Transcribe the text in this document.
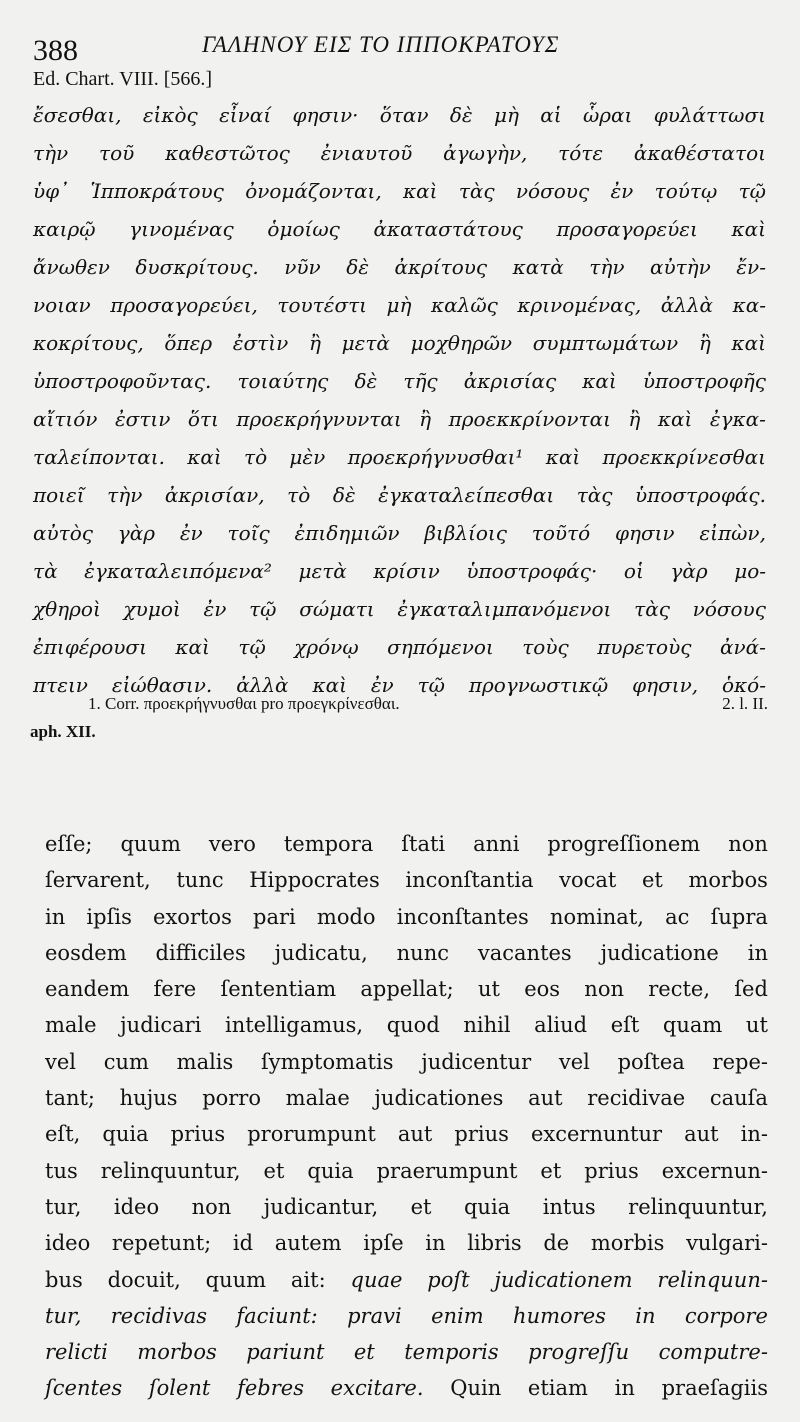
388	ΓΑΛΗΝΟΥ ΕΙΣ ΤΟ ΙΠΠΟΚΡΑΤΟΥΣ
Ed. Chart. VIII. [566.]
ἔσεσθαι, εἰκὸς εἶναί φησιν· ὅταν δὲ μὴ αἱ ὧραι φυλάττωσι
τὴν τοῦ καθεστῶτος ἐνιαυτοῦ ἀγωγὴν, τότε ἀκαθέστατοι
ὑφ᾽ Ἱπποκράτους ὀνομάζονται, καὶ τὰς νόσους ἐν τούτῳ τῷ
καιρῷ γινομένας ὁμοίως ἀκαταστάτους προσαγορεύει καὶ
ἄνωθεν δυσκρίτους. νῦν δὲ ἀκρίτους κατὰ τὴν αὐτὴν ἔν-
νοιαν προσαγορεύει, τουτέστι μὴ καλῶς κρινομένας, ἀλλὰ κα-
κοκρίτους, ὅπερ ἐστὶν ἢ μετὰ μοχθηρῶν συμπτωμάτων ἢ καὶ
ὑποστροφοῦντας. τοιαύτης δὲ τῆς ἀκρισίας καὶ ὑποστροφῆς
αἴτιόν ἐστιν ὅτι προεκρήγνυνται ἢ προεκκρίνονται ἢ καὶ ἐγκα-
ταλείπονται. καὶ τὸ μὲν προεκρήγνυσθαι¹ καὶ προεκκρίνεσθαι
ποιεῖ τὴν ἀκρισίαν, τὸ δὲ ἐγκαταλείπεσθαι τὰς ὑποστροφάς.
αὐτὸς γὰρ ἐν τοῖς ἐπιδημιῶν βιβλίοις τοῦτό φησιν εἰπὼν,
τὰ ἐγκαταλειπόμενα² μετὰ κρίσιν ὑποστροφάς· οἱ γὰρ μο-
χθηροὶ χυμοὶ ἐν τῷ σώματι ἐγκαταλιμπανόμενοι τὰς νόσους
ἐπιφέρουσι καὶ τῷ χρόνῳ σηπόμενοι τοὺς πυρετοὺς ἀνά-
πτειν εἰώθασιν. ἀλλὰ καὶ ἐν τῷ προγνωστικῷ φησιν, ὁκό-
1. Corr. προεκρήγνυσθαι pro προεγκρίνεσθαι.	2. l. II.
aph. XII.
eſſe; quum vero tempora ſtati anni progreſſionem non
ſervarent, tunc Hippocrates inconſtantia vocat et morbos
in ipſis exortos pari modo inconſtantes nominat, ac ſupra
eosdem difficiles judicatu, nunc vacantes judicatione in
eandem fere ſententiam appellat; ut eos non recte, ſed
male judicari intelligamus, quod nihil aliud eſt quam ut
vel cum malis ſymptomatis judicentur vel poſtea repe-
tant; hujus porro malae judicationes aut recidivae cauſa
eſt, quia prius prorumpunt aut prius excernuntur aut in-
tus relinquuntur, et quia praerumpunt et prius excernun-
tur, ideo non judicantur, et quia intus relinquuntur,
ideo repetunt; id autem ipſe in libris de morbis vulgari-
bus docuit, quum ait: quae poſt judicationem relinquun-
tur, recidivas faciunt: pravi enim humores in corpore
relicti morbos pariunt et temporis progreſſu computre-
ſcentes ſolent febres excitare. Quin etiam in praeſagiis
